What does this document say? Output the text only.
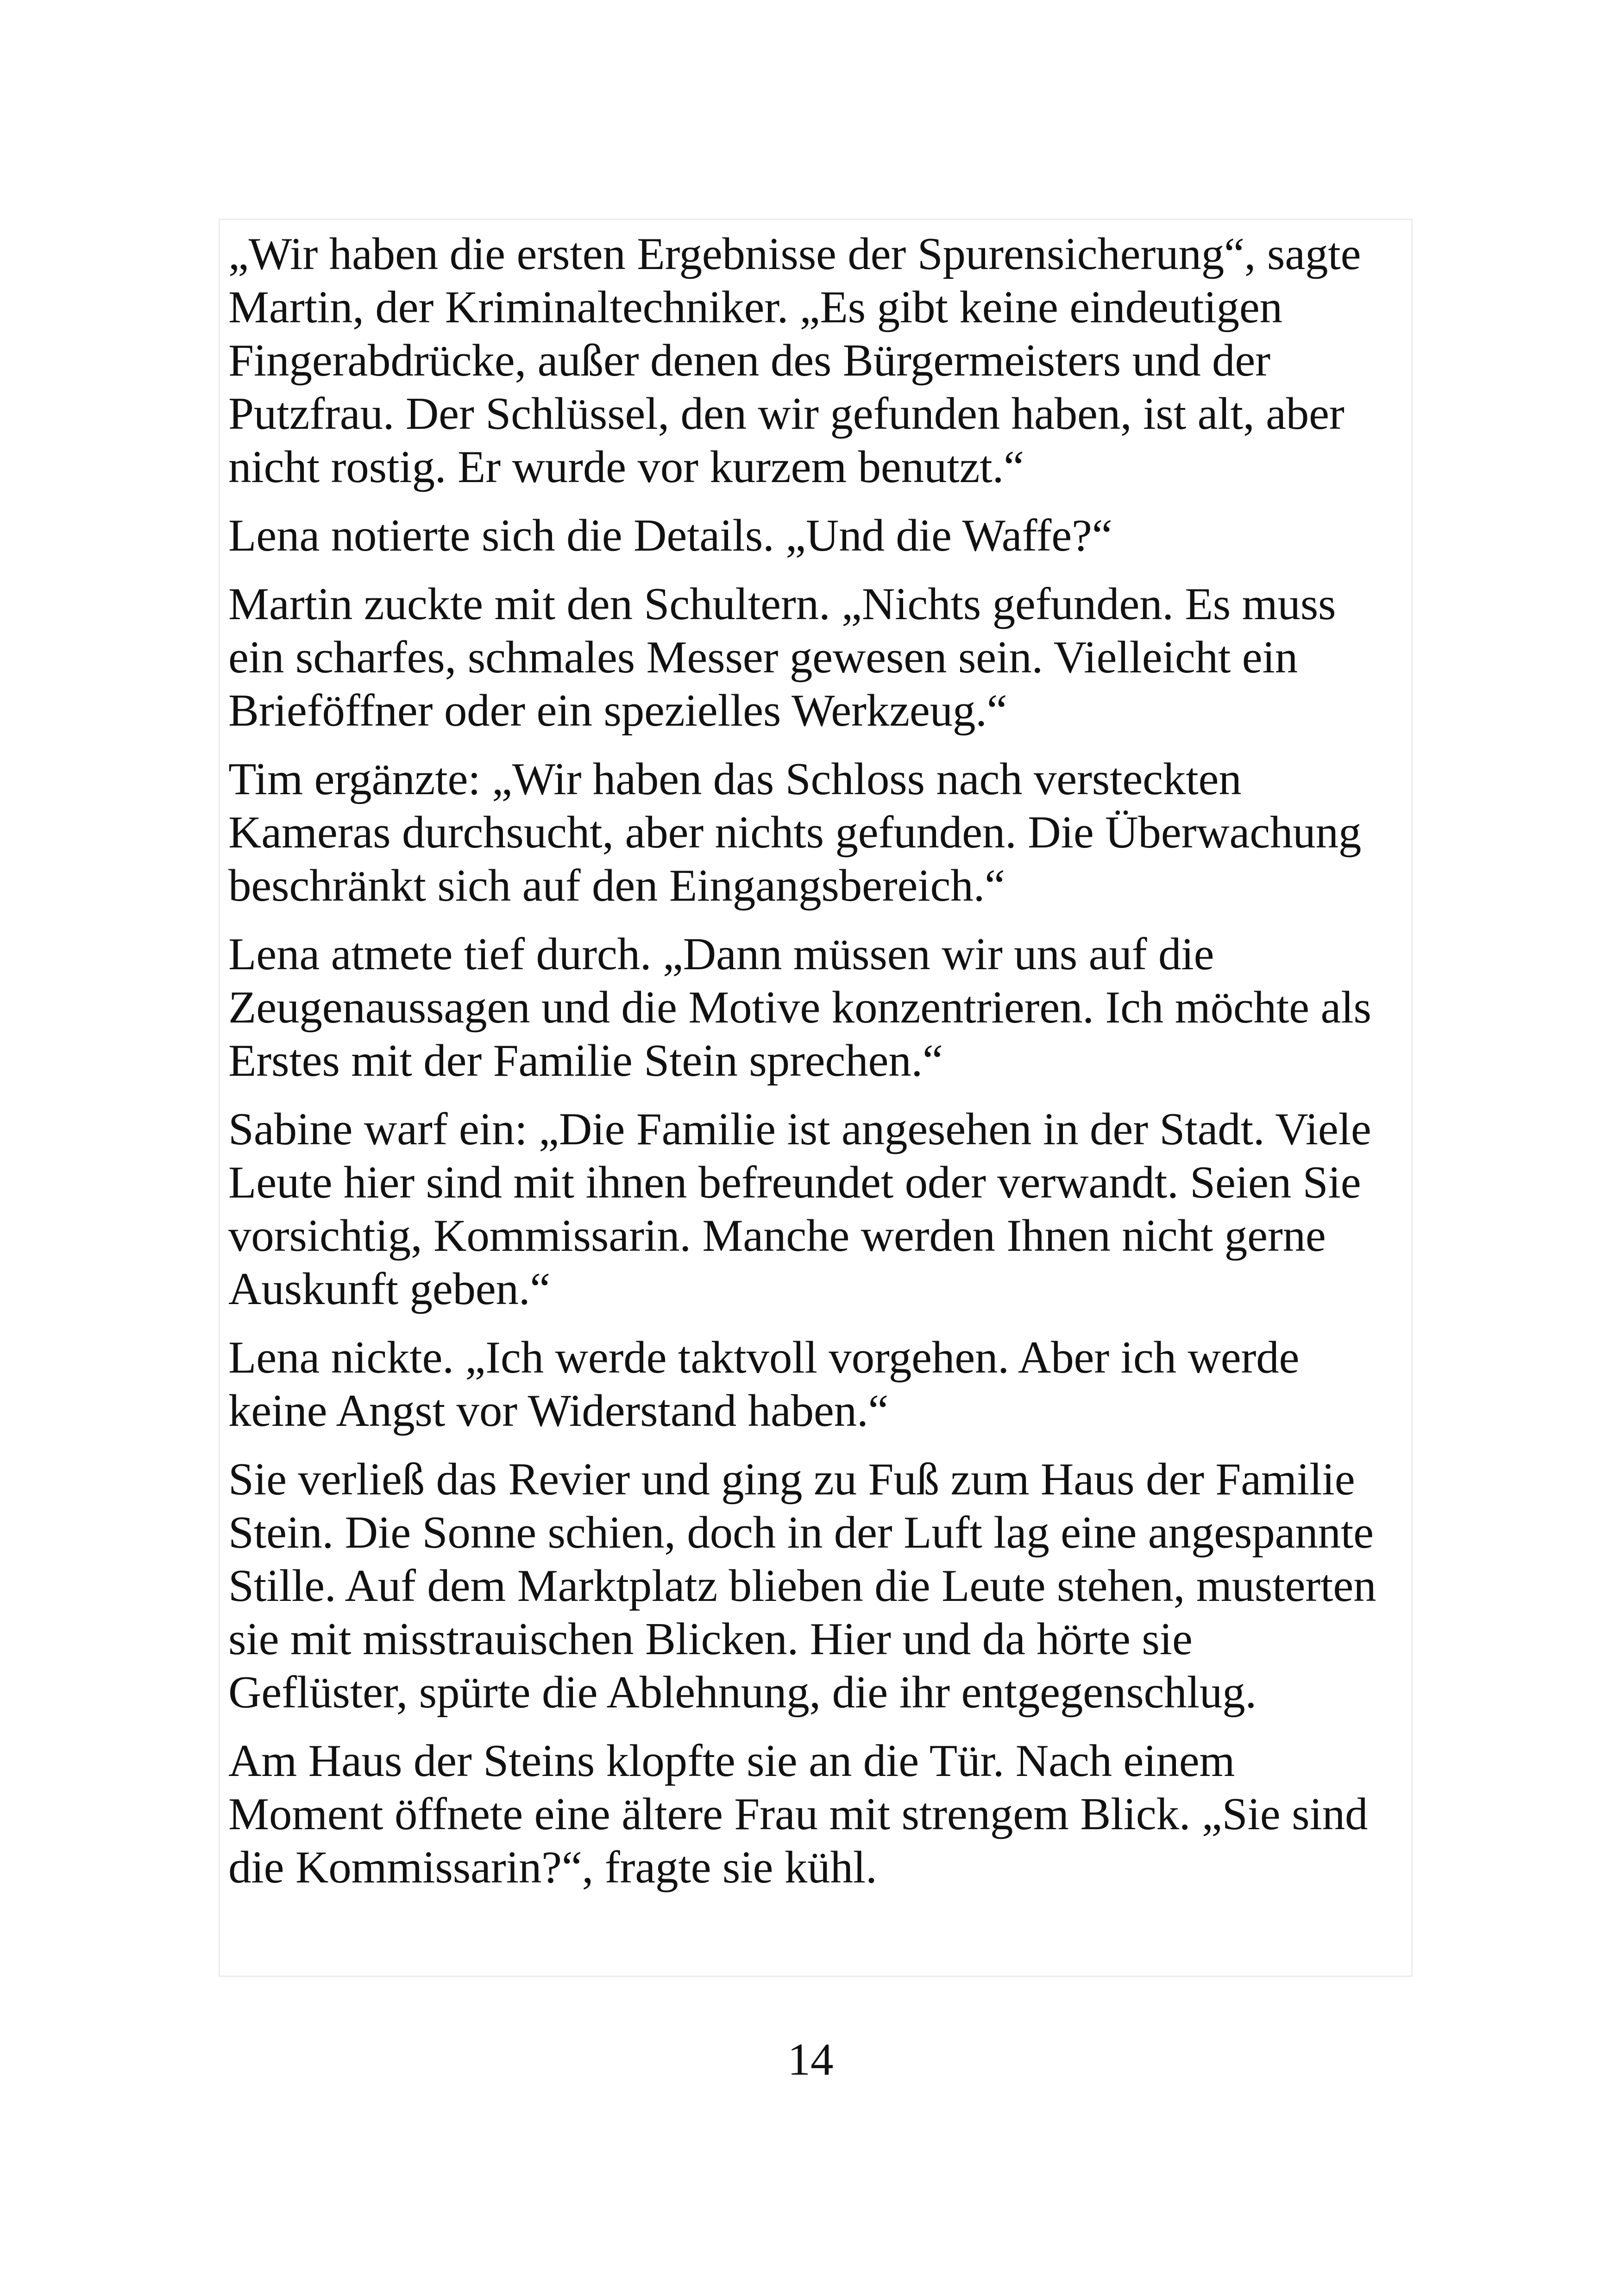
„Wir haben die ersten Ergebnisse der Spurensicherung“, sagte
Martin, der Kriminaltechniker. „Es gibt keine eindeutigen
Fingerabdrücke, außer denen des Bürgermeisters und der
Putzfrau. Der Schlüssel, den wir gefunden haben, ist alt, aber
nicht rostig. Er wurde vor kurzem benutzt.“

Lena notierte sich die Details. „Und die Waffe?“

Martin zuckte mit den Schultern. „Nichts gefunden. Es muss
ein scharfes, schmales Messer gewesen sein. Vielleicht ein
Brieföffner oder ein spezielles Werkzeug.“

Tim ergänzte: „Wir haben das Schloss nach versteckten
Kameras durchsucht, aber nichts gefunden. Die Überwachung
beschränkt sich auf den Eingangsbereich.“

Lena atmete tief durch. „Dann müssen wir uns auf die
Zeugenaussagen und die Motive konzentrieren. Ich möchte als
Erstes mit der Familie Stein sprechen.“

Sabine warf ein: „Die Familie ist angesehen in der Stadt. Viele
Leute hier sind mit ihnen befreundet oder verwandt. Seien Sie
vorsichtig, Kommissarin. Manche werden Ihnen nicht gerne
Auskunft geben.“

Lena nickte. „Ich werde taktvoll vorgehen. Aber ich werde
keine Angst vor Widerstand haben.“

Sie verließ das Revier und ging zu Fuß zum Haus der Familie
Stein. Die Sonne schien, doch in der Luft lag eine angespannte
Stille. Auf dem Marktplatz blieben die Leute stehen, musterten
sie mit misstrauischen Blicken. Hier und da hörte sie
Geflüster, spürte die Ablehnung, die ihr entgegenschlug.

Am Haus der Steins klopfte sie an die Tür. Nach einem
Moment öffnete eine ältere Frau mit strengem Blick. „Sie sind
die Kommissarin?“, fragte sie kühl.

14
